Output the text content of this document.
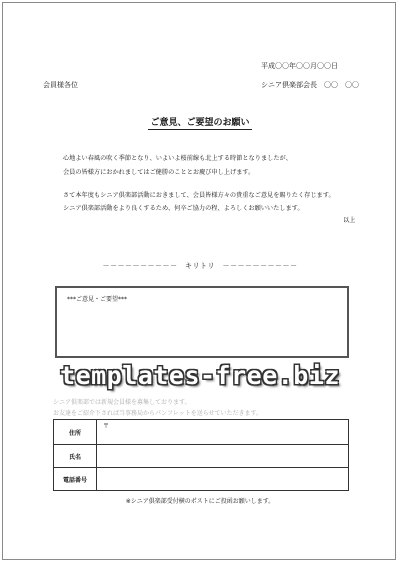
平成〇〇年〇〇月〇〇日
会員様各位	シニア倶楽部会長　〇〇　〇〇
ご意見、ご要望のお願い
心地よい春風の吹く季節となり、いよいよ桜前線も北上する時節となりましたが、
会員の皆様方におかれましてはご健勝のこととお慶び申し上げます。
さて本年度もシニア倶楽部活動におきまして、会員皆様方々の貴重なご意見を賜りたく存じます。
シニア倶楽部活動をより良くするため、何卒ご協力の程、よろしくお願いいたします。
以上
－－－－－－－－－－　キリトリ　－－－－－－－－－－
***ご意見・ご要望***
templates-free.biz
シニア倶楽部では新規会員様を募集しております。
お友達をご紹介下されば当事務局からパンフレットを送らせていただきます。
住所	〒
氏名	
電話番号	
※シニア倶楽部受付横のポストにご投函お願いします。
